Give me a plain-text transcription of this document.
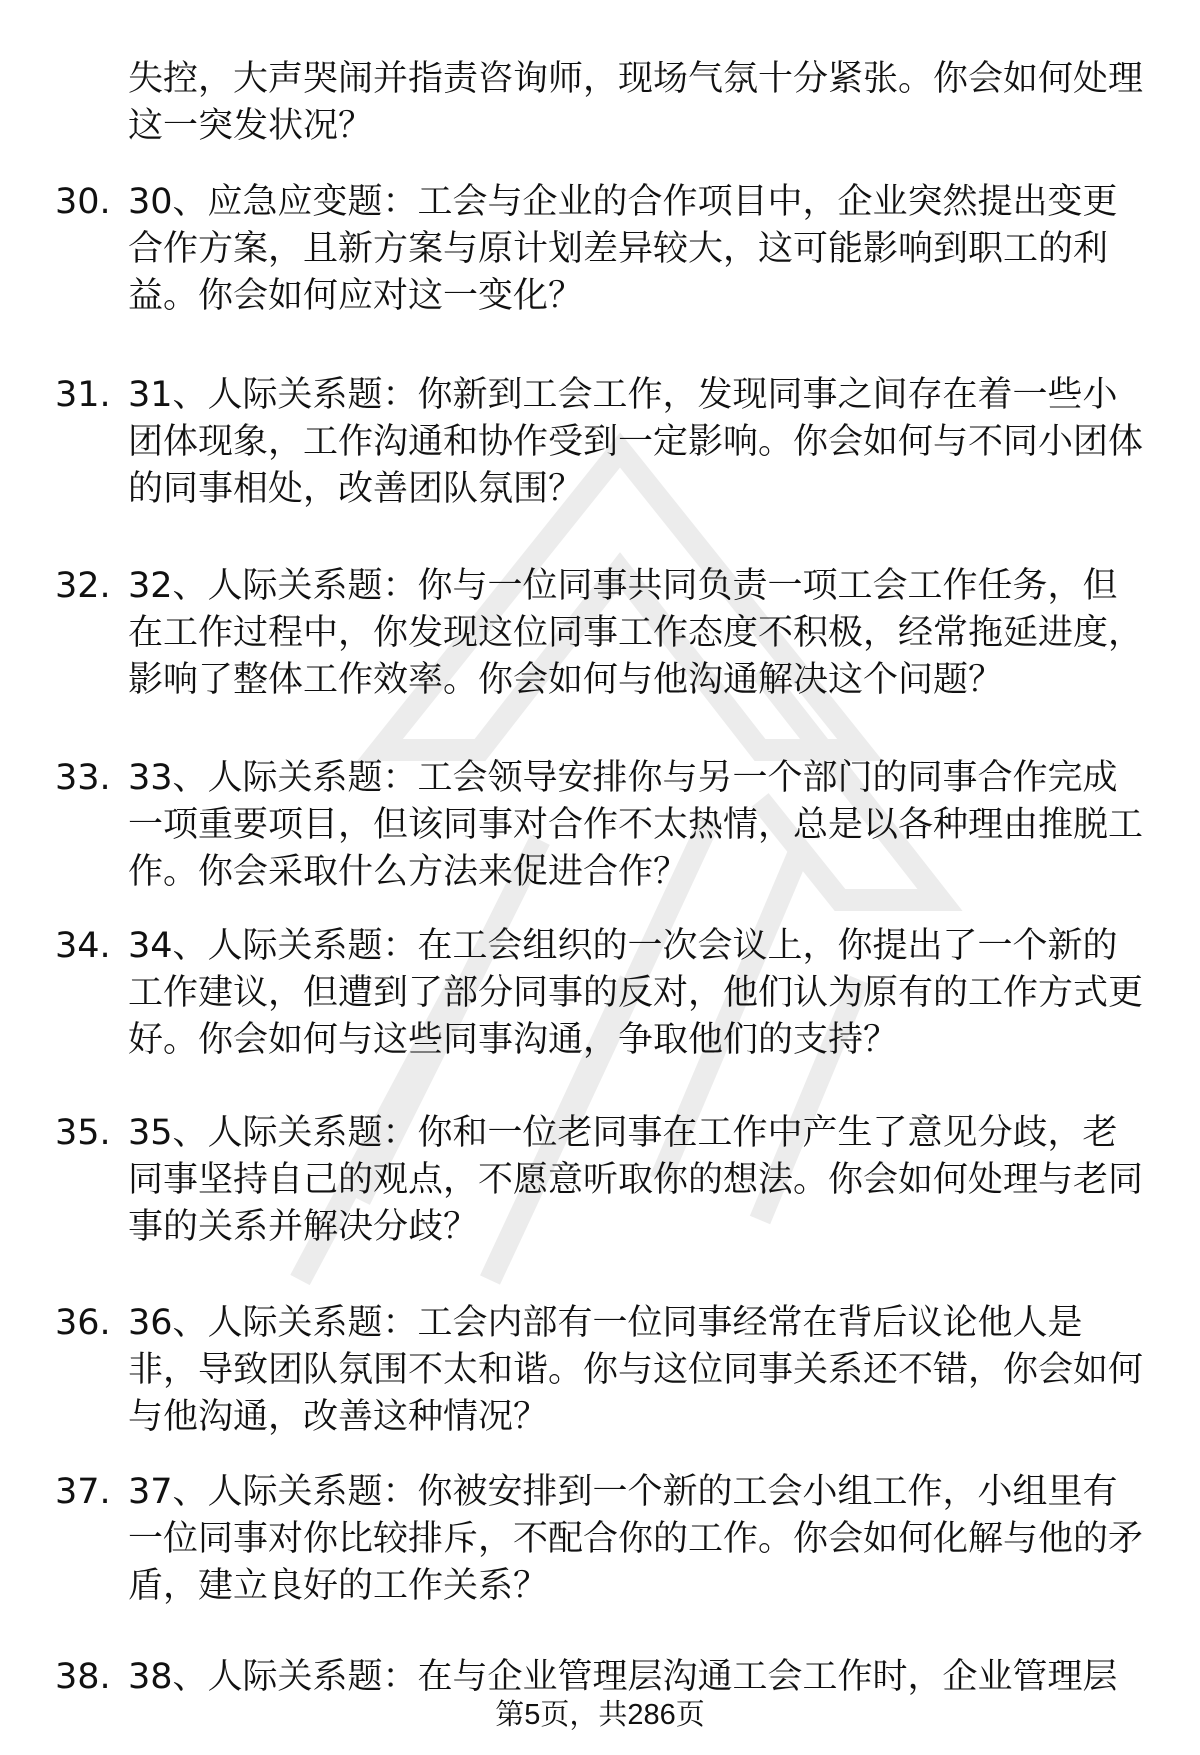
失控，大声哭闹并指责咨询师，现场气氛十分紧张。你会如何处理这一突发状况？
30. 30、应急应变题：工会与企业的合作项目中，企业突然提出变更合作方案，且新方案与原计划差异较大，这可能影响到职工的利益。你会如何应对这一变化？
31. 31、人际关系题：你新到工会工作，发现同事之间存在着一些小团体现象，工作沟通和协作受到一定影响。你会如何与不同小团体的同事相处，改善团队氛围？
32. 32、人际关系题：你与一位同事共同负责一项工会工作任务，但在工作过程中，你发现这位同事工作态度不积极，经常拖延进度，影响了整体工作效率。你会如何与他沟通解决这个问题？
33. 33、人际关系题：工会领导安排你与另一个部门的同事合作完成一项重要项目，但该同事对合作不太热情，总是以各种理由推脱工作。你会采取什么方法来促进合作？
34. 34、人际关系题：在工会组织的一次会议上，你提出了一个新的工作建议，但遭到了部分同事的反对，他们认为原有的工作方式更好。你会如何与这些同事沟通，争取他们的支持？
35. 35、人际关系题：你和一位老同事在工作中产生了意见分歧，老同事坚持自己的观点，不愿意听取你的想法。你会如何处理与老同事的关系并解决分歧？
36. 36、人际关系题：工会内部有一位同事经常在背后议论他人是非，导致团队氛围不太和谐。你与这位同事关系还不错，你会如何与他沟通，改善这种情况？
37. 37、人际关系题：你被安排到一个新的工会小组工作，小组里有一位同事对你比较排斥，不配合你的工作。你会如何化解与他的矛盾，建立良好的工作关系？
38. 38、人际关系题：在与企业管理层沟通工会工作时，企业管理层
第5页，共286页
